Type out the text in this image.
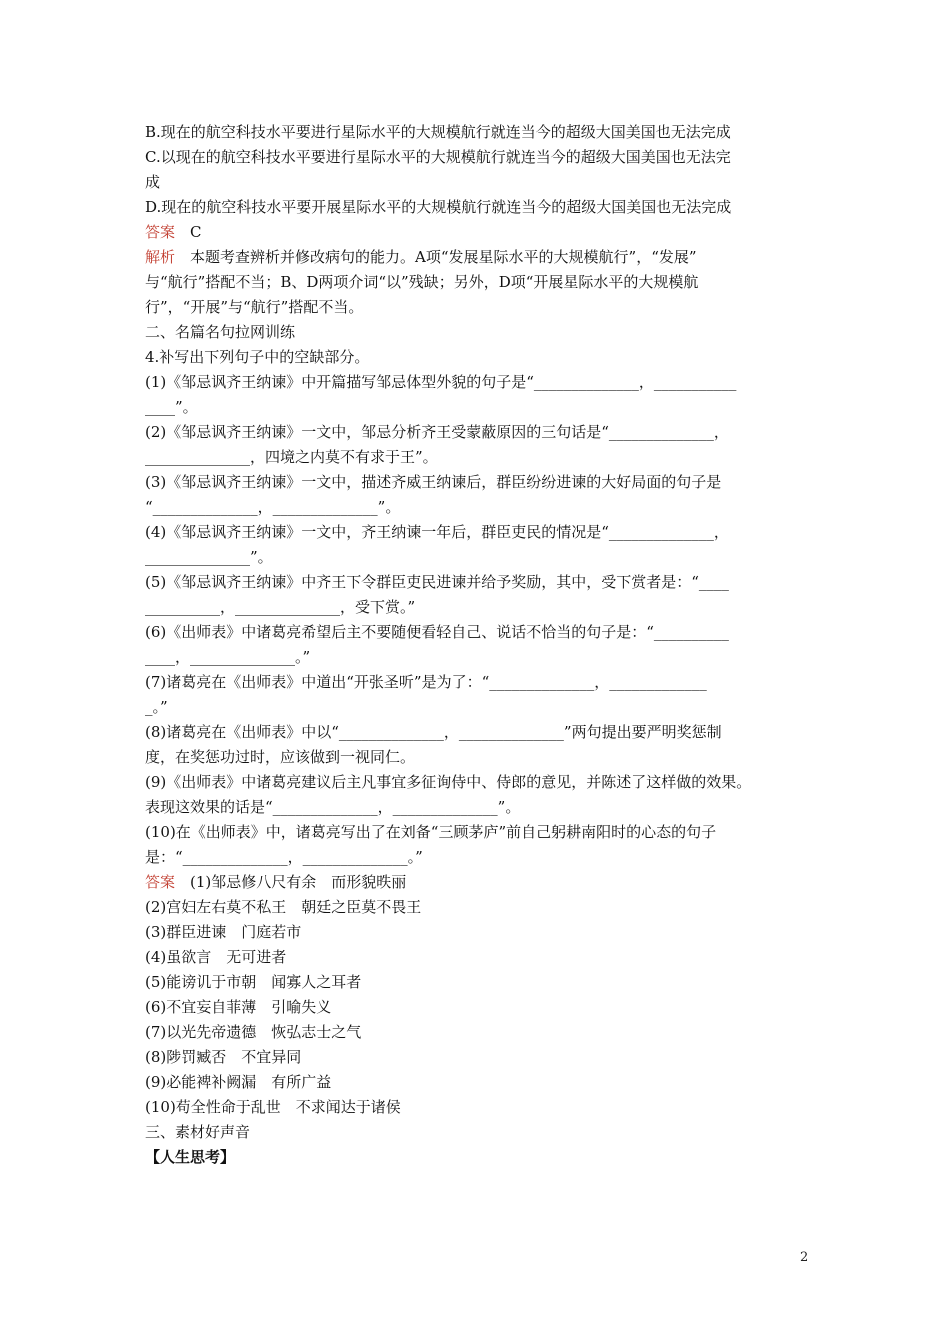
B.现在的航空科技水平要进行星际水平的大规模航行就连当今的超级大国美国也无法完成
C.以现在的航空科技水平要进行星际水平的大规模航行就连当今的超级大国美国也无法完
成
D.现在的航空科技水平要开展星际水平的大规模航行就连当今的超级大国美国也无法完成
答案　C
解析　本题考查辨析并修改病句的能力。A项“发展星际水平的大规模航行”，“发展”
与“航行”搭配不当；B、D两项介词“以”残缺；另外，D项“开展星际水平的大规模航
行”，“开展”与“航行”搭配不当。
二、名篇名句拉网训练
4.补写出下列句子中的空缺部分。
(1)《邹忌讽齐王纳谏》中开篇描写邹忌体型外貌的句子是“______________，___________
____”。
(2)《邹忌讽齐王纳谏》一文中，邹忌分析齐王受蒙蔽原因的三句话是“______________，
______________，四境之内莫不有求于王”。
(3)《邹忌讽齐王纳谏》一文中，描述齐威王纳谏后，群臣纷纷进谏的大好局面的句子是
“______________，______________”。
(4)《邹忌讽齐王纳谏》一文中，齐王纳谏一年后，群臣吏民的情况是“______________，
______________”。
(5)《邹忌讽齐王纳谏》中齐王下令群臣吏民进谏并给予奖励，其中，受下赏者是：“____
__________，______________，受下赏。”
(6)《出师表》中诸葛亮希望后主不要随便看轻自己、说话不恰当的句子是：“__________
____，______________。”
(7)诸葛亮在《出师表》中道出“开张圣听”是为了：“______________，_____________
_。”
(8)诸葛亮在《出师表》中以“______________，______________”两句提出要严明奖惩制
度，在奖惩功过时，应该做到一视同仁。
(9)《出师表》中诸葛亮建议后主凡事宜多征询侍中、侍郎的意见，并陈述了这样做的效果。
表现这效果的话是“______________，______________”。
(10)在《出师表》中，诸葛亮写出了在刘备“三顾茅庐”前自己躬耕南阳时的心态的句子
是：“______________，______________。”
答案　(1)邹忌修八尺有余　而形貌昳丽
(2)宫妇左右莫不私王　朝廷之臣莫不畏王
(3)群臣进谏　门庭若市
(4)虽欲言　无可进者
(5)能谤讥于市朝　闻寡人之耳者
(6)不宜妄自菲薄　引喻失义
(7)以光先帝遗德　恢弘志士之气
(8)陟罚臧否　不宜异同
(9)必能裨补阙漏　有所广益
(10)苟全性命于乱世　不求闻达于诸侯
三、素材好声音
【人生思考】
2
